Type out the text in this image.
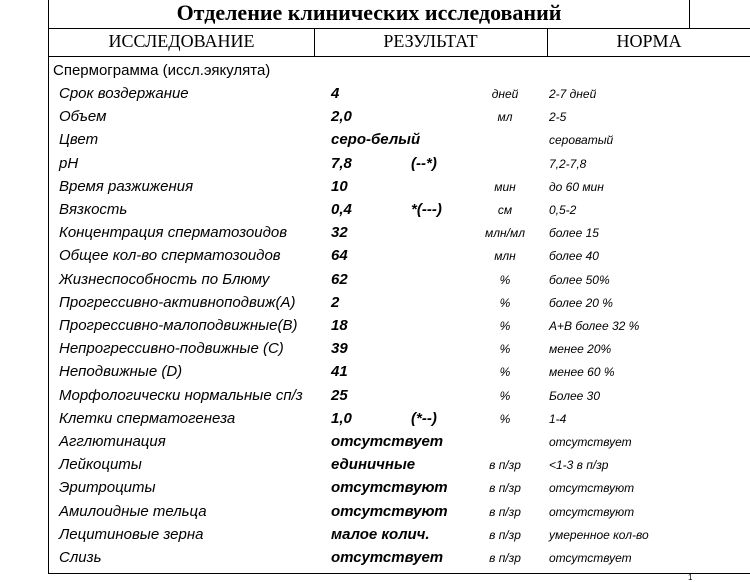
Отделение клинических исследований
ИССЛЕДОВАНИЕ	РЕЗУЛЬТАТ	НОРМА
Спермограмма (иссл.эякулята)
Срок воздержание	4	дней	2-7 дней
Объем	2,0	мл	2-5
Цвет	серо-белый	сероватый
pH	7,8	(--*)	7,2-7,8
Время разжижения	10	мин	до 60 мин
Вязкость	0,4	*(---)	см	0,5-2
Концентрация сперматозоидов	32	млн/мл	более 15
Общее кол-во сперматозоидов	64	млн	более 40
Жизнеспособность по Блюму	62	%	более 50%
Прогрессивно-активноподвиж(А) 2	%	более 20 %
Прогрессивно-малоподвижные(В) 18	%	А+В более 32 %
Непрогрессивно-подвижные (С)	39	%	менее 20%
Неподвижные (D)	41	%	менее 60 %
Морфологически нормальные сп/з 25	%	Более 30
Клетки сперматогенеза	1,0	(*--)	%	1-4
Агглютинация	отсутствует	отсутствует
Лейкоциты	единичные	в п/зр	<1-3 в п/зр
Эритроциты	отсутствуют	в п/зр	отсутствуют
Амилоидные тельца	отсутствуют	в п/зр	отсутствуют
Лецитиновые зерна	малое колич.	в п/зр	умеренное кол-во
Слизь	отсутствует	в п/зр	отсутствует
1
